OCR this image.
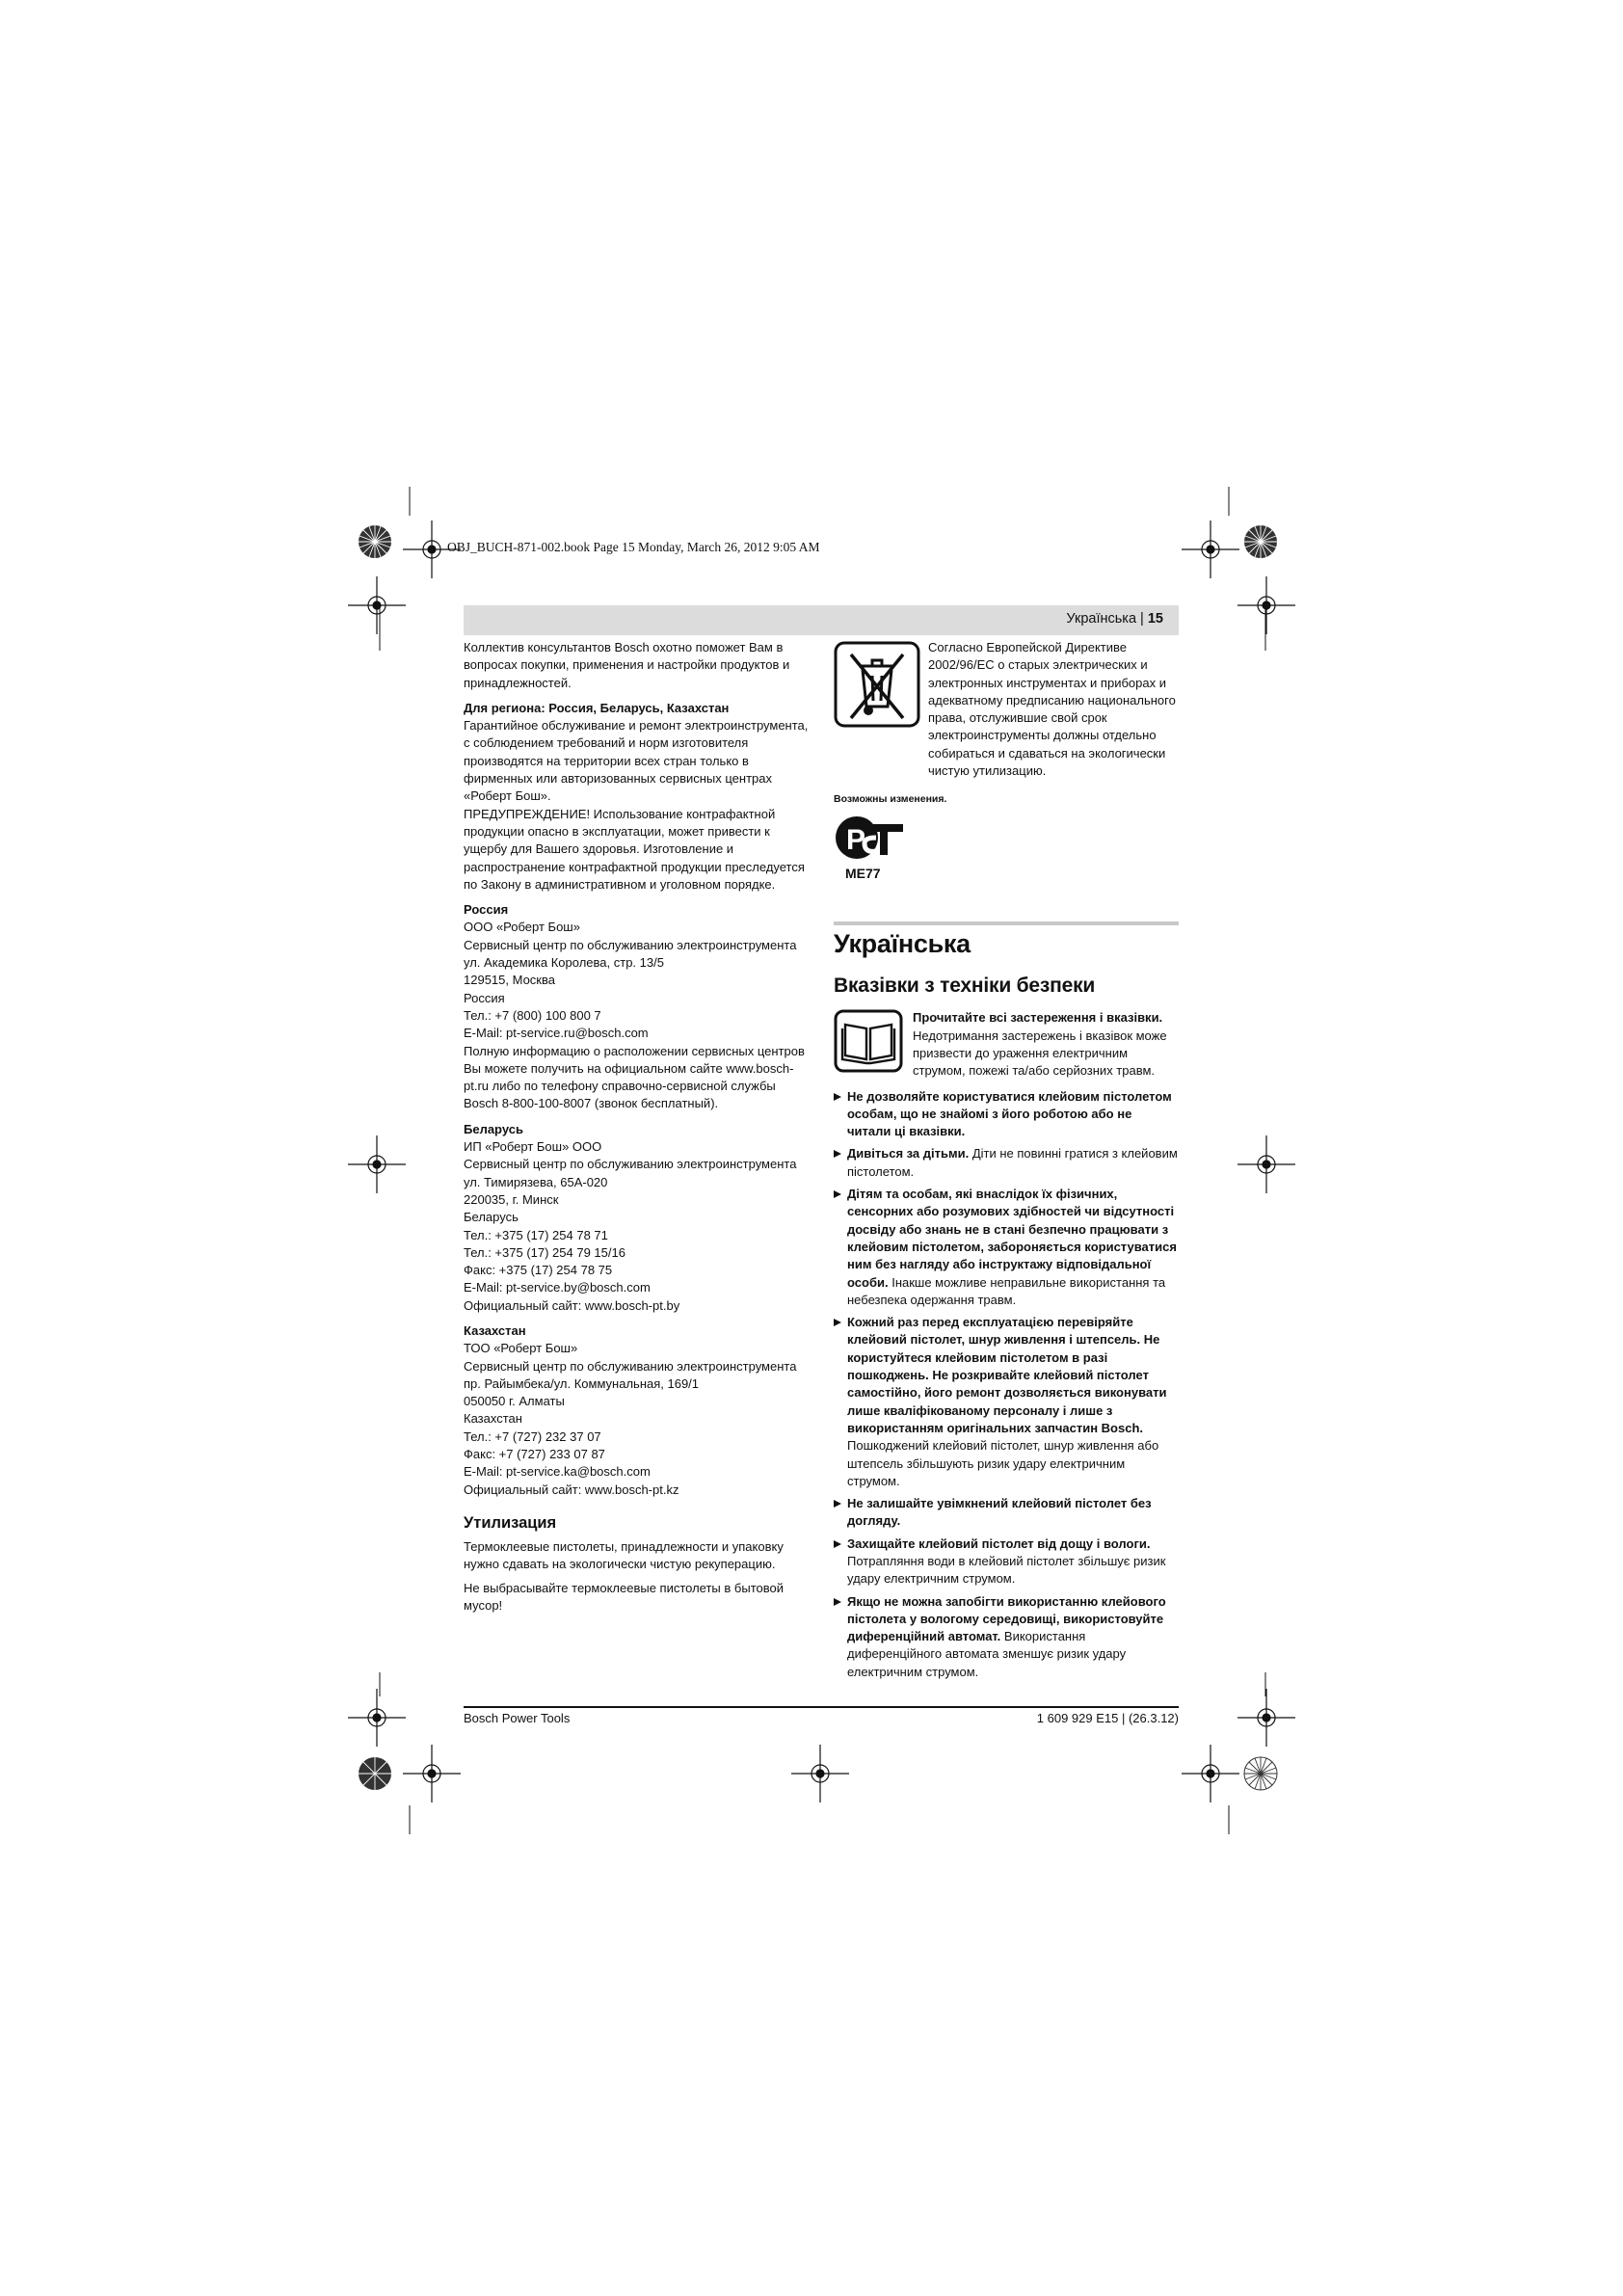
OBJ_BUCH-871-002.book Page 15 Monday, March 26, 2012 9:05 AM
Українська | 15

Коллектив консультантов Bosch охотно поможет Вам в вопросах покупки, применения и настройки продуктов и принадлежностей.

Для региона: Россия, Беларусь, Казахстан

Гарантийное обслуживание и ремонт электроинструмента, с соблюдением требований и норм изготовителя производятся на территории всех стран только в фирменных или авторизованных сервисных центрах «Роберт Бош».

ПРЕДУПРЕЖДЕНИЕ! Использование контрафактной продукции опасно в эксплуатации, может привести к ущербу для Вашего здоровья. Изготовление и распространение контрафактной продукции преследуется по Закону в административном и уголовном порядке.

Россия

ООО «Роберт Бош»

Сервисный центр по обслуживанию электроинструмента

ул. Академика Королева, стр. 13/5

129515, Москва

Россия

Тел.: +7 (800) 100 800 7

E-Mail: pt-service.ru@bosch.com

Полную информацию о расположении сервисных центров Вы можете получить на официальном сайте www.bosch-pt.ru либо по телефону справочно-сервисной службы Bosch 8-800-100-8007 (звонок бесплатный).

Беларусь

ИП «Роберт Бош» ООО

Сервисный центр по обслуживанию электроинструмента

ул. Тимирязева, 65А-020

220035, г. Минск

Беларусь

Тел.: +375 (17) 254 78 71

Тел.: +375 (17) 254 79 15/16

Факс: +375 (17) 254 78 75

E-Mail: pt-service.by@bosch.com

Официальный сайт: www.bosch-pt.by

Казахстан

ТОО «Роберт Бош»

Сервисный центр по обслуживанию электроинструмента

пр. Райымбека/ул. Коммунальная, 169/1

050050 г. Алматы

Казахстан

Тел.: +7 (727) 232 37 07

Факс: +7 (727) 233 07 87

E-Mail: pt-service.ka@bosch.com

Официальный сайт: www.bosch-pt.kz

Утилизация

Термоклеевые пистолеты, принадлежности и упаковку нужно сдавать на экологически чистую рекуперацию.

Не выбрасывайте термоклеевые пистолеты в бытовой мусор!

Согласно Европейской Директиве 2002/96/ЕС о старых электрических и электронных инструментах и приборах и адекватному предписанию национального права, отслужившие свой срок электроинструменты должны отдельно собираться и сдаваться на экологически чистую утилизацию.

Возможны изменения.

Р
ME77

Українська

Вказівки з техніки безпеки

Прочитайте всі застереження і вказівки.

Недотримання застережень і вказівок може призвести до ураження електричним струмом, пожежі та/або серйозних травм.

Не дозволяйте користуватися клейовим пістолетом особам, що не знайомі з його роботою або не читали ці вказівки.
Дивіться за дітьми. Діти не повинні гратися з клейовим пістолетом.
Дітям та особам, які внаслідок їх фізичних, сенсорних або розумових здібностей чи відсутності досвіду або знань не в стані безпечно працювати з клейовим пістолетом, забороняється користуватися ним без нагляду або інструктажу відповідальної особи. Інакше можливе неправильне використання та небезпека одержання травм.
Кожний раз перед експлуатацією перевіряйте клейовий пістолет, шнур живлення і штепсель. Не користуйтеся клейовим пістолетом в разі пошкоджень. Не розкривайте клейовий пістолет самостійно, його ремонт дозволяється виконувати лише кваліфікованому персоналу і лише з використанням оригінальних запчастин Bosch. Пошкоджений клейовий пістолет, шнур живлення або штепсель збільшують ризик удару електричним струмом.
Не залишайте увімкнений клейовий пістолет без догляду.
Захищайте клейовий пістолет від дощу і вологи. Потрапляння води в клейовий пістолет збільшує ризик удару електричним струмом.
Якщо не можна запобігти використанню клейового пістолета у вологому середовищі, використовуйте диференційний автомат. Використання диференційного автомата зменшує ризик удару електричним струмом.
Bosch Power Tools	1 609 929 E15 | (26.3.12)
